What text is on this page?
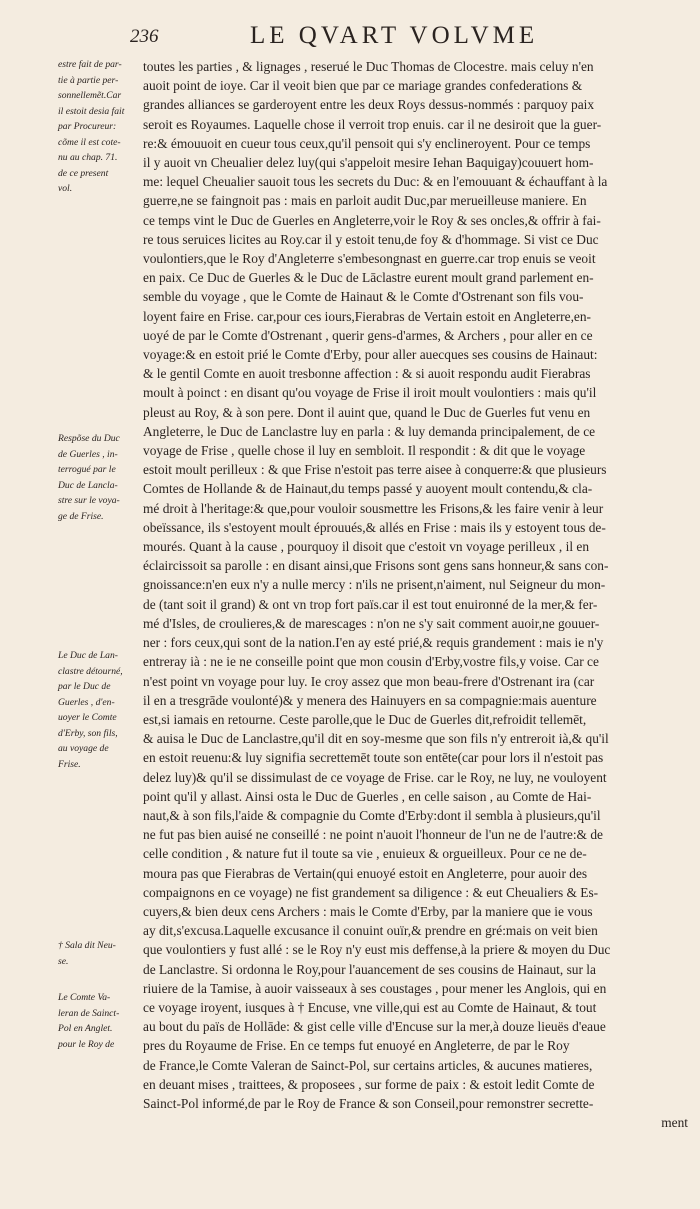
236	LE QVART VOLVME
estre fait de par-
tie à partie per-
sonnellemẽt.Car
il estoit desia fait
par Procureur:
cõme il est cote-
nu au chap. 71.
de ce present
vol.
Respõse du Duc
de Guerles , in-
terrogué par le
Duc de Lancla-
stre sur le voya-
ge de Frise.
Le Duc de Lan-
clastre détourné,
par le Duc de
Guerles , d'en-
uoyer le Comte
d'Erby, son fils,
au voyage de
Frise.
† Sala dit Neu-
se.
Le Comte Va-
leran de Sainct-
Pol en Anglet.
pour le Roy de
toutes les parties , & lignages , reserué le Duc Thomas de Clocestre. mais celuy n'en
auoit point de ioye. Car il veoit bien que par ce mariage grandes confederations &
grandes alliances se garderoyent entre les deux Roys dessus-nommés : parquoy paix
seroit es Royaumes. Laquelle chose il verroit trop enuis. car il ne desiroit que la guer-
re:& émouuoit en cueur tous ceux,qu'il pensoit qui s'y enclineroyent. Pour ce temps
il y auoit vn Cheualier delez luy(qui s'appeloit mesire Iehan Baquigay)couuert hom-
me: lequel Cheualier sauoit tous les secrets du Duc: & en l'emouuant & échauffant à la
guerre,ne se faingnoit pas : mais en parloit audit Duc,par merueilleuse maniere. En
ce temps vint le Duc de Guerles en Angleterre,voir le Roy & ses oncles,& offrir à fai-
re tous seruices licites au Roy.car il y estoit tenu,de foy & d'hommage. Si vist ce Duc
voulontiers,que le Roy d'Angleterre s'embesongnast en guerre.car trop enuis se veoit
en paix. Ce Duc de Guerles & le Duc de Lāclastre eurent moult grand parlement en-
semble du voyage , que le Comte de Hainaut & le Comte d'Ostrenant son fils vou-
loyent faire en Frise. car,pour ces iours,Fierabras de Vertain estoit en Angleterre,en-
uoyé de par le Comte d'Ostrenant , querir gens-d'armes, & Archers , pour aller en ce
voyage:& en estoit prié le Comte d'Erby, pour aller auecques ses cousins de Hainaut:
& le gentil Comte en auoit tresbonne affection : & si auoit respondu audit Fierabras
moult à poinct : en disant qu'ou voyage de Frise il iroit moult voulontiers : mais qu'il
pleust au Roy, & à son pere. Dont il auint que, quand le Duc de Guerles fut venu en
Angleterre, le Duc de Lanclastre luy en parla : & luy demanda principalement, de ce
voyage de Frise , quelle chose il luy en sembloit. Il respondit : & dit que le voyage
estoit moult perilleux : & que Frise n'estoit pas terre aisee à conquerre:& que plusieurs
Comtes de Hollande & de Hainaut,du temps passé y auoyent moult contendu,& cla-
mé droit à l'heritage:& que,pour vouloir sousmettre les Frisons,& les faire venir à leur
obeïssance, ils s'estoyent moult éprouués,& allés en Frise : mais ils y estoyent tous de-
mourés. Quant à la cause , pourquoy il disoit que c'estoit vn voyage perilleux , il en
éclaircissoit sa parolle : en disant ainsi,que Frisons sont gens sans honneur,& sans con-
gnoissance:n'en eux n'y a nulle mercy : n'ils ne prisent,n'aiment, nul Seigneur du mon-
de (tant soit il grand) & ont vn trop fort païs.car il est tout enuironné de la mer,& fer-
mé d'Isles, de croulieres,& de marescages : n'on ne s'y sait comment auoir,ne gouuer-
ner : fors ceux,qui sont de la nation.I'en ay esté prié,& requis grandement : mais ie n'y
entreray ià : ne ie ne conseille point que mon cousin d'Erby,vostre fils,y voise. Car ce
n'est point vn voyage pour luy. Ie croy assez que mon beau-frere d'Ostrenant ira (car
il en a tresgrāde voulonté)& y menera des Hainuyers en sa compagnie:mais auenture
est,si iamais en retourne. Ceste parolle,que le Duc de Guerles dit,refroidit tellemēt,
& auisa le Duc de Lanclastre,qu'il dit en soy-mesme que son fils n'y entreroit ià,& qu'il
en estoit reuenu:& luy signifia secrettemēt toute son entēte(car pour lors il n'estoit pas
delez luy)& qu'il se dissimulast de ce voyage de Frise. car le Roy, ne luy, ne vouloyent
point qu'il y allast. Ainsi osta le Duc de Guerles , en celle saison , au Comte de Hai-
naut,& à son fils,l'aide & compagnie du Comte d'Erby:dont il sembla à plusieurs,qu'il
ne fut pas bien auisé ne conseillé : ne point n'auoit l'honneur de l'un ne de l'autre:& de
celle condition , & nature fut il toute sa vie , enuieux & orgueilleux. Pour ce ne de-
moura pas que Fierabras de Vertain(qui enuoyé estoit en Angleterre, pour auoir des
compaignons en ce voyage) ne fist grandement sa diligence : & eut Cheualiers & Es-
cuyers,& bien deux cens Archers : mais le Comte d'Erby, par la maniere que ie vous
ay dit,s'excusa.Laquelle excusance il conuint ouïr,& prendre en gré:mais on veit bien
que voulontiers y fust allé : se le Roy n'y eust mis deffense,à la priere & moyen du Duc
de Lanclastre. Si ordonna le Roy,pour l'auancement de ses cousins de Hainaut, sur la
riuiere de la Tamise, à auoir vaisseaux à ses coustages , pour mener les Anglois, qui en
ce voyage iroyent, iusques à † Encuse, vne ville,qui est au Comte de Hainaut, & tout
au bout du païs de Hollāde: & gist celle ville d'Encuse sur la mer,à douze lieuës d'eaue
pres du Royaume de Frise. En ce temps fut enuoyé en Angleterre, de par le Roy
de France,le Comte Valeran de Sainct-Pol, sur certains articles, & aucunes matieres,
en deuant mises , traittees, & proposees , sur forme de paix : & estoit ledit Comte de
Sainct-Pol informé,de par le Roy de France & son Conseil,pour remonstrer secrette-
ment
